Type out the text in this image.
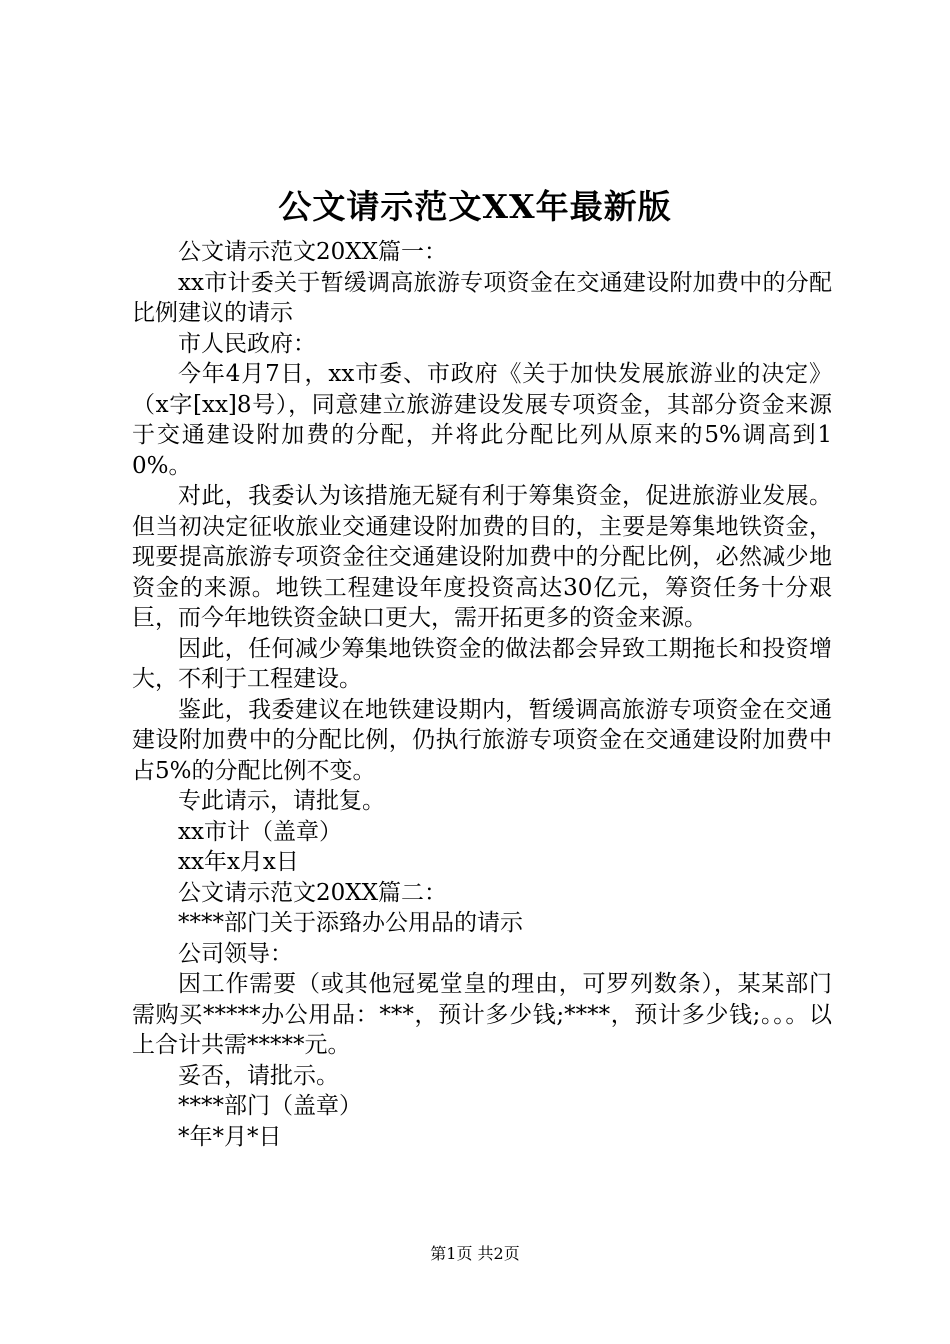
公文请示范文XX年最新版

公文请示范文20XX篇一：

xx市计委关于暂缓调高旅游专项资金在交通建设附加费中的分配比例建议的请示

市人民政府：

今年4月7日，xx市委、市政府《关于加快发展旅游业的决定》（x字[xx]8号），同意建立旅游建设发展专项资金，其部分资金来源于交通建设附加费的分配，并将此分配比列从原来的5%调高到10%。

对此，我委认为该措施无疑有利于筹集资金，促进旅游业发展。但当初决定征收旅业交通建设附加费的目的，主要是筹集地铁资金，现要提高旅游专项资金往交通建设附加费中的分配比例，必然减少地资金的来源。地铁工程建设年度投资高达30亿元，筹资任务十分艰巨，而今年地铁资金缺口更大，需开拓更多的资金来源。

因此，任何减少筹集地铁资金的做法都会异致工期拖长和投资增大，不利于工程建设。

鉴此，我委建议在地铁建设期内，暂缓调高旅游专项资金在交通建设附加费中的分配比例，仍执行旅游专项资金在交通建设附加费中占5%的分配比例不变。

专此请示，请批复。

xx市计（盖章）

xx年x月x日

公文请示范文20XX篇二：

****部门关于添臵办公用品的请示

公司领导：

因工作需要（或其他冠冕堂皇的理由，可罗列数条），某某部门需购买*****办公用品：***，预计多少钱;****，预计多少钱;。。。以上合计共需*****元。

妥否，请批示。

****部门（盖章）

*年*月*日

第1页 共2页
